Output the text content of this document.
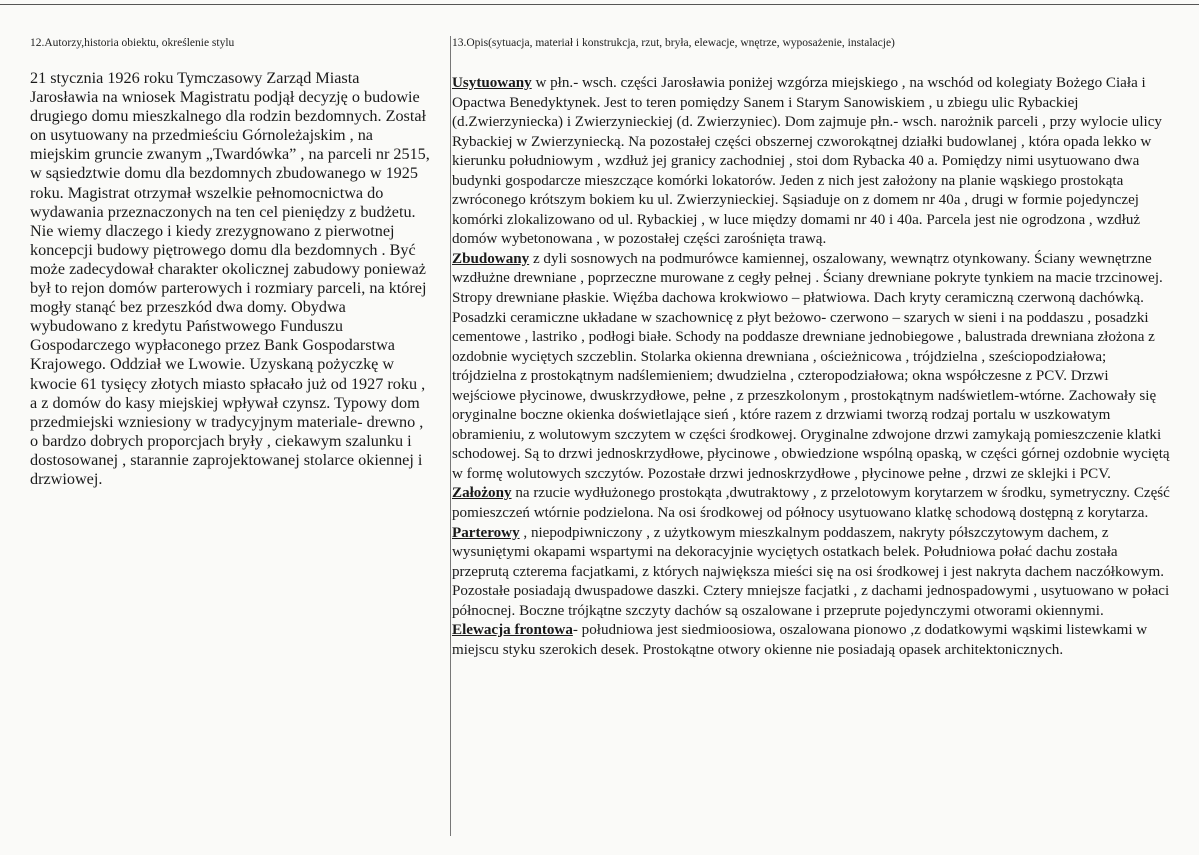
12.Autorzy,historia obiektu, określenie stylu

21 stycznia 1926 roku Tymczasowy Zarząd Miasta Jarosławia na wniosek Magistratu podjął decyzję o budowie drugiego domu mieszkalnego dla rodzin bezdomnych. Został on usytuowany na przedmieściu Górnoleżajskim , na miejskim gruncie zwanym „Twardówka” , na parceli nr 2515, w sąsiedztwie domu dla bezdomnych zbudowanego w 1925 roku. Magistrat otrzymał wszelkie pełnomocnictwa do wydawania przeznaczonych na ten cel pieniędzy z budżetu. Nie wiemy dlaczego i kiedy zrezygnowano z pierwotnej koncepcji budowy piętrowego domu dla bezdomnych . Być może zadecydował charakter okolicznej zabudowy ponieważ był to rejon domów parterowych i rozmiary parceli, na której mogły stanąć bez przeszkód dwa domy. Obydwa wybudowano z kredytu Państwowego Funduszu Gospodarczego wypłaconego przez Bank Gospodarstwa Krajowego. Oddział we Lwowie. Uzyskaną pożyczkę w kwocie 61 tysięcy złotych miasto spłacało już od 1927 roku , a z domów do kasy miejskiej wpływał czynsz. Typowy dom przedmiejski wzniesiony w tradycyjnym materiale- drewno , o bardzo dobrych proporcjach bryły , ciekawym szalunku i dostosowanej , starannie zaprojektowanej stolarce okiennej i drzwiowej.

13.Opis(sytuacja, materiał i konstrukcja, rzut, bryła, elewacje, wnętrze, wyposażenie, instalacje)

Usytuowany w płn.- wsch. części Jarosławia poniżej wzgórza miejskiego , na wschód od kolegiaty Bożego Ciała i Opactwa Benedyktynek. Jest to teren pomiędzy Sanem i Starym Sanowiskiem , u zbiegu ulic Rybackiej (d.Zwierzyniecka) i Zwierzynieckiej (d. Zwierzyniec). Dom zajmuje płn.- wsch. narożnik parceli , przy wylocie ulicy Rybackiej w Zwierzyniecką. Na pozostałej części obszernej czworokątnej działki budowlanej , która opada lekko w kierunku południowym , wzdłuż jej granicy zachodniej , stoi dom Rybacka 40 a. Pomiędzy nimi usytuowano dwa budynki gospodarcze mieszczące komórki lokatorów. Jeden z nich jest założony na planie wąskiego prostokąta zwróconego krótszym bokiem ku ul. Zwierzynieckiej. Sąsiaduje on z domem nr 40a , drugi w formie pojedynczej komórki zlokalizowano od ul. Rybackiej , w luce między domami nr 40 i 40a. Parcela jest nie ogrodzona , wzdłuż domów wybetonowana , w pozostałej części zarośnięta trawą.

Zbudowany z dyli sosnowych na podmurówce kamiennej, oszalowany, wewnątrz otynkowany. Ściany wewnętrzne wzdłużne drewniane , poprzeczne murowane z cegły pełnej . Ściany drewniane pokryte tynkiem na macie trzcinowej. Stropy drewniane płaskie. Więźba dachowa krokwiowo – płatwiowa. Dach kryty ceramiczną czerwoną dachówką. Posadzki ceramiczne układane w szachownicę z płyt beżowo- czerwono – szarych w sieni i na poddaszu , posadzki cementowe , lastriko , podłogi białe. Schody na poddasze drewniane jednobiegowe , balustrada drewniana złożona z ozdobnie wyciętych szczeblin. Stolarka okienna drewniana , ościeżnicowa , trójdzielna , sześciopodziałowa; trójdzielna z prostokątnym nadślemieniem; dwudzielna , czteropodziałowa; okna współczesne z PCV. Drzwi wejściowe płycinowe, dwuskrzydłowe, pełne , z przeszkolonym , prostokątnym nadświetlem-wtórne. Zachowały się oryginalne boczne okienka doświetlające sień , które razem z drzwiami tworzą rodzaj portalu w uszkowatym obramieniu, z wolutowym szczytem w części środkowej. Oryginalne zdwojone drzwi zamykają pomieszczenie klatki schodowej. Są to drzwi jednoskrzydłowe, płycinowe , obwiedzione wspólną opaską, w części górnej ozdobnie wyciętą w formę wolutowych szczytów. Pozostałe drzwi jednoskrzydłowe , płycinowe pełne , drzwi ze sklejki i PCV.

Założony na rzucie wydłużonego prostokąta ,dwutraktowy , z przelotowym korytarzem w środku, symetryczny. Część pomieszczeń wtórnie podzielona. Na osi środkowej od północy usytuowano klatkę schodową dostępną z korytarza.

Parterowy , niepodpiwniczony , z użytkowym mieszkalnym poddaszem, nakryty półszczytowym dachem, z wysuniętymi okapami wspartymi na dekoracyjnie wyciętych ostatkach belek. Południowa połać dachu została przeprutą czterema facjatkami, z których największa mieści się na osi środkowej i jest nakryta dachem naczółkowym. Pozostałe posiadają dwuspadowe daszki. Cztery mniejsze facjatki , z dachami jednospadowymi , usytuowano w połaci północnej. Boczne trójkątne szczyty dachów są oszalowane i przeprute pojedynczymi otworami okiennymi.

Elewacja frontowa- południowa jest siedmioosiowa, oszalowana pionowo ,z dodatkowymi wąskimi listewkami w miejscu styku szerokich desek. Prostokątne otwory okienne nie posiadają opasek architektonicznych.
